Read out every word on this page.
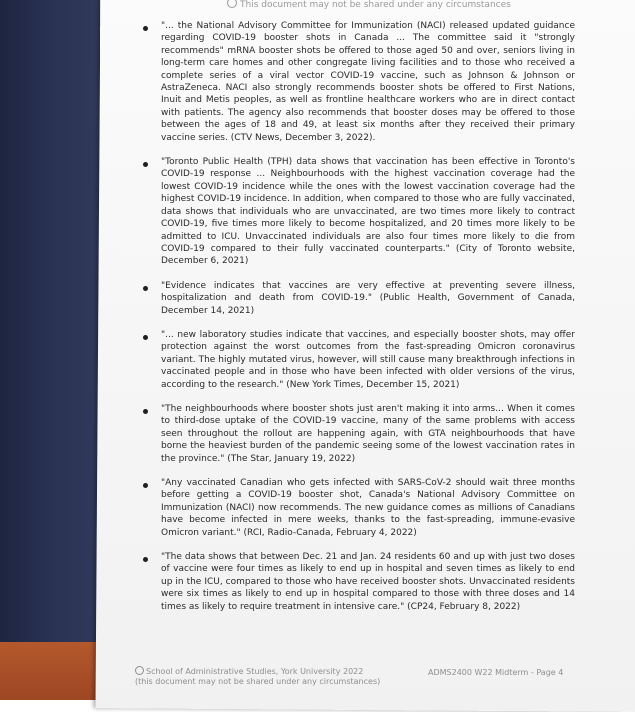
This document may not be shared under any circumstances
"... the National Advisory Committee for Immunization (NACI) released updated guidance regarding COVID-19 booster shots in Canada ... The committee said it "strongly recommends" mRNA booster shots be offered to those aged 50 and over, seniors living in long-term care homes and other congregate living facilities and to those who received a complete series of a viral vector COVID-19 vaccine, such as Johnson & Johnson or AstraZeneca. NACI also strongly recommends booster shots be offered to First Nations, Inuit and Metis peoples, as well as frontline healthcare workers who are in direct contact with patients. The agency also recommends that booster doses may be offered to those between the ages of 18 and 49, at least six months after they received their primary vaccine series. (CTV News, December 3, 2022).
"Toronto Public Health (TPH) data shows that vaccination has been effective in Toronto's COVID-19 response ... Neighbourhoods with the highest vaccination coverage had the lowest COVID-19 incidence while the ones with the lowest vaccination coverage had the highest COVID-19 incidence. In addition, when compared to those who are fully vaccinated, data shows that individuals who are unvaccinated, are two times more likely to contract COVID-19, five times more likely to become hospitalized, and 20 times more likely to be admitted to ICU. Unvaccinated individuals are also four times more likely to die from COVID-19 compared to their fully vaccinated counterparts." (City of Toronto website, December 6, 2021)
"Evidence indicates that vaccines are very effective at preventing severe illness, hospitalization and death from COVID-19." (Public Health, Government of Canada, December 14, 2021)
"... new laboratory studies indicate that vaccines, and especially booster shots, may offer protection against the worst outcomes from the fast-spreading Omicron coronavirus variant. The highly mutated virus, however, will still cause many breakthrough infections in vaccinated people and in those who have been infected with older versions of the virus, according to the research." (New York Times, December 15, 2021)
"The neighbourhoods where booster shots just aren't making it into arms... When it comes to third-dose uptake of the COVID-19 vaccine, many of the same problems with access seen throughout the rollout are happening again, with GTA neighbourhoods that have borne the heaviest burden of the pandemic seeing some of the lowest vaccination rates in the province." (The Star, January 19, 2022)
"Any vaccinated Canadian who gets infected with SARS-CoV-2 should wait three months before getting a COVID-19 booster shot, Canada's National Advisory Committee on Immunization (NACI) now recommends. The new guidance comes as millions of Canadians have become infected in mere weeks, thanks to the fast-spreading, immune-evasive Omicron variant." (RCI, Radio-Canada, February 4, 2022)
"The data shows that between Dec. 21 and Jan. 24 residents 60 and up with just two doses of vaccine were four times as likely to end up in hospital and seven times as likely to end up in the ICU, compared to those who have received booster shots. Unvaccinated residents were six times as likely to end up in hospital compared to those with three doses and 14 times as likely to require treatment in intensive care." (CP24, February 8, 2022)
School of Administrative Studies, York University 2022
(this document may not be shared under any circumstances)
ADMS2400 W22 Midterm - Page 4
